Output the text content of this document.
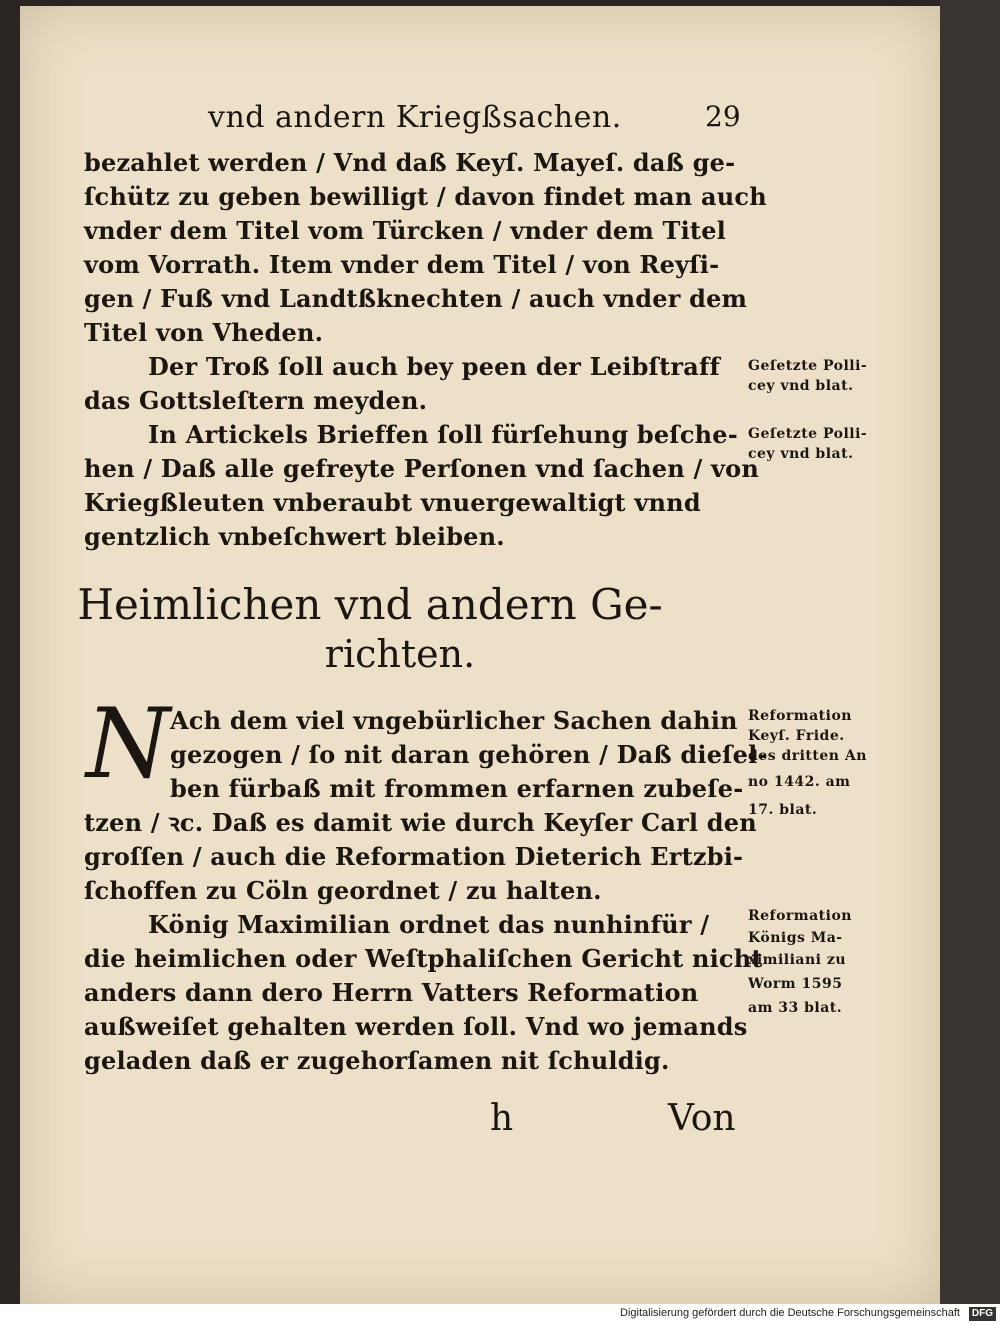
vnd andern Kriegßsachen.	29
bezahlet werden / Vnd daß Keyſ. Mayeſ. daß ge-
ſchütz zu geben bewilligt / davon findet man auch
vnder dem Titel vom Türcken / vnder dem Titel
vom Vorrath. Item vnder dem Titel / von Reyſi-
gen / Fuß vnd Landtßknechten / auch vnder dem
Titel von Vheden.
Der Troß ſoll auch bey peen der Leibſtraff
das Gottsleſtern meyden.
In Artickels Brieffen ſoll fürſehung beſche-
hen / Daß alle gefreyte Perſonen vnd ſachen / von
Kriegßleuten vnberaubt vnuergewaltigt vnnd
gentzlich vnbeſchwert bleiben.
Geſetzte Polli-
cey vnd blat.
Geſetzte Polli-
cey vnd blat.
Heimlichen vnd andern Ge-
richten.
N Ach dem viel vngebürlicher Sachen dahin
gezogen / ſo nit daran gehören / Daß dieſel-
ben fürbaß mit frommen erfarnen zubeſe-
tzen / ꝛc. Daß es damit wie durch Keyſer Carl den
groſſen / auch die Reformation Dieterich Ertzbi-
ſchoffen zu Cöln geordnet / zu halten.
König Maximilian ordnet das nunhinfür /
die heimlichen oder Weſtphaliſchen Gericht nicht
anders dann dero Herrn Vatters Reformation
außweiſet gehalten werden ſoll. Vnd wo jemands
geladen daß er zugehorſamen nit ſchuldig.
Reformation
Keyſ. Fride.
des dritten An
no 1442. am
17. blat.
Reformation
Königs Ma-
ximiliani zu
Worm 1595
am 33 blat.
h	Von
Digitalisierung gefördert durch die Deutsche Forschungsgemeinschaft	DFG
